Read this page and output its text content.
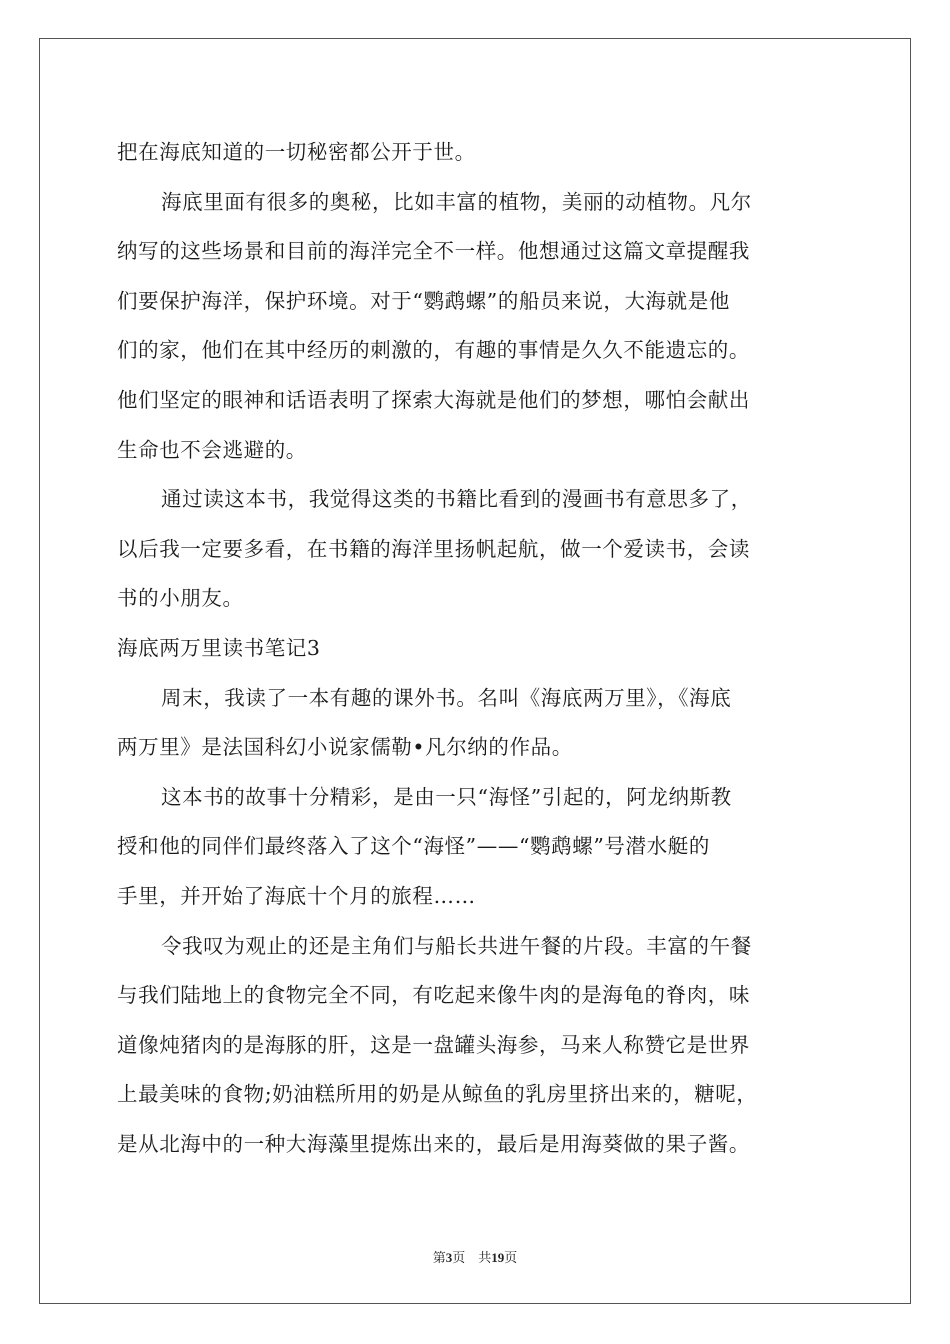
把在海底知道的一切秘密都公开于世。
海底里面有很多的奥秘，比如丰富的植物，美丽的动植物。凡尔
纳写的这些场景和目前的海洋完全不一样。他想通过这篇文章提醒我
们要保护海洋，保护环境。对于“鹦鹉螺”的船员来说，大海就是他
们的家，他们在其中经历的刺激的，有趣的事情是久久不能遗忘的。
他们坚定的眼神和话语表明了探索大海就是他们的梦想，哪怕会献出
生命也不会逃避的。
通过读这本书，我觉得这类的书籍比看到的漫画书有意思多了，
以后我一定要多看，在书籍的海洋里扬帆起航，做一个爱读书，会读
书的小朋友。
海底两万里读书笔记3
周末，我读了一本有趣的课外书。名叫《海底两万里》，《海底
两万里》是法国科幻小说家儒勒•凡尔纳的作品。
这本书的故事十分精彩，是由一只“海怪”引起的，阿龙纳斯教
授和他的同伴们最终落入了这个“海怪”——“鹦鹉螺”号潜水艇的
手里，并开始了海底十个月的旅程……
令我叹为观止的还是主角们与船长共进午餐的片段。丰富的午餐
与我们陆地上的食物完全不同，有吃起来像牛肉的是海龟的脊肉，味
道像炖猪肉的是海豚的肝，这是一盘罐头海参，马来人称赞它是世界
上最美味的食物;奶油糕所用的奶是从鲸鱼的乳房里挤出来的，糖呢，
是从北海中的一种大海藻里提炼出来的，最后是用海葵做的果子酱。
第3页　共19页
